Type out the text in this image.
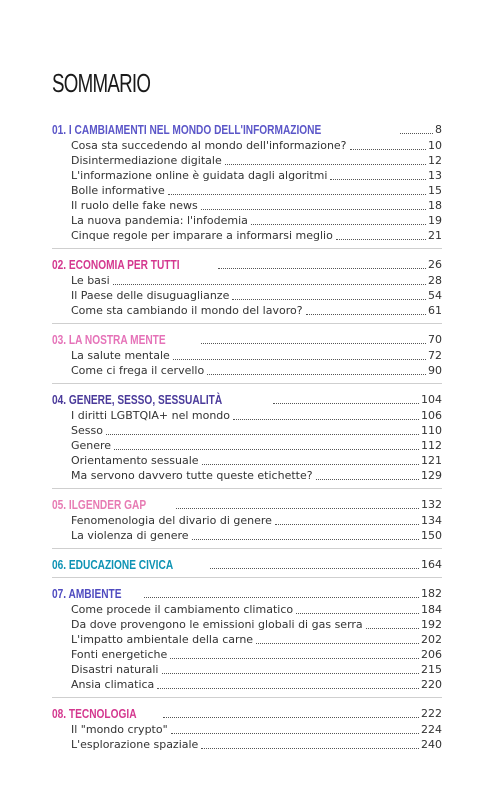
SOMMARIO
01. I CAMBIAMENTI NEL MONDO DELL'INFORMAZIONE	8
Cosa sta succedendo al mondo dell'informazione?	10
Disintermediazione digitale	12
L'informazione online è guidata dagli algoritmi	13
Bolle informative	15
Il ruolo delle fake news	18
La nuova pandemia: l'infodemia	19
Cinque regole per imparare a informarsi meglio	21
02. ECONOMIA PER TUTTI	26
Le basi	28
Il Paese delle disuguaglianze	54
Come sta cambiando il mondo del lavoro?	61
03. LA NOSTRA MENTE	70
La salute mentale	72
Come ci frega il cervello	90
04. GENERE, SESSO, SESSUALITÀ	104
I diritti LGBTQIA+ nel mondo	106
Sesso	110
Genere	112
Orientamento sessuale	121
Ma servono davvero tutte queste etichette?	129
05. ILGENDER GAP	132
Fenomenologia del divario di genere	134
La violenza di genere	150
06. EDUCAZIONE CIVICA	164
07. AMBIENTE	182
Come procede il cambiamento climatico	184
Da dove provengono le emissioni globali di gas serra	192
L'impatto ambientale della carne	202
Fonti energetiche	206
Disastri naturali	215
Ansia climatica	220
08. TECNOLOGIA	222
Il "mondo crypto"	224
L'esplorazione spaziale	240
